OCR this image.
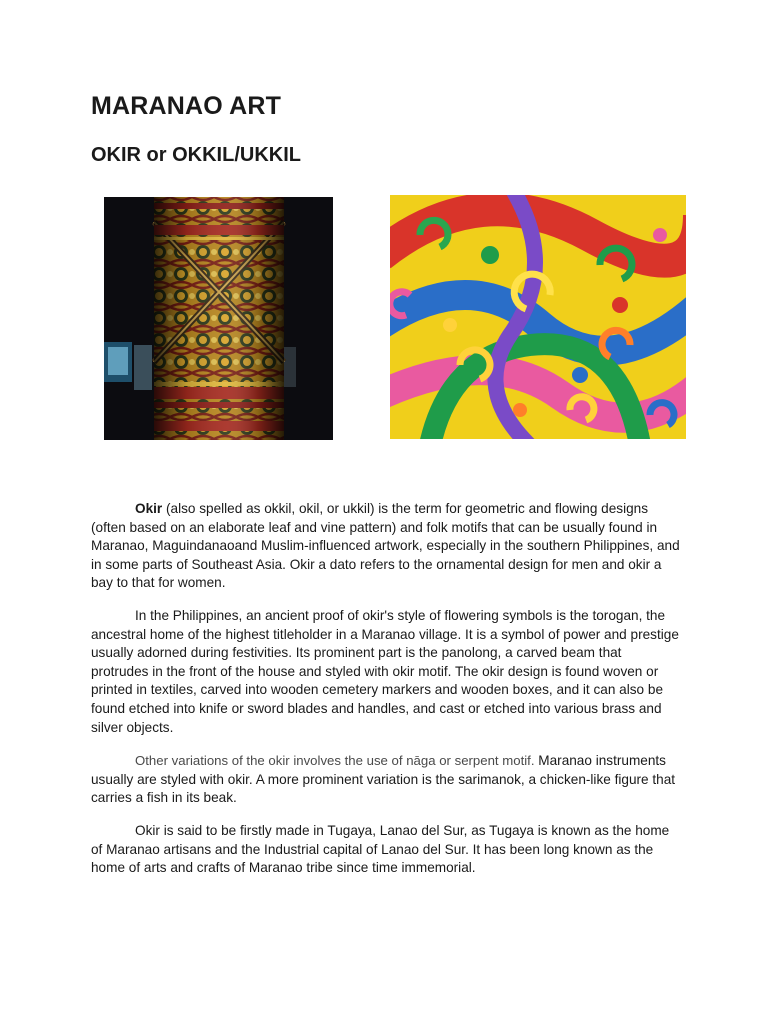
MARANAO ART
OKIR or OKKIL/UKKIL

Okir (also spelled as okkil, okil, or ukkil) is the term for geometric and flowing designs (often based on an elaborate leaf and vine pattern) and folk motifs that can be usually found in Maranao, Maguindanaoand Muslim-influenced artwork, especially in the southern Philippines, and in some parts of Southeast Asia. Okir a dato refers to the ornamental design for men and okir a bay to that for women.

In the Philippines, an ancient proof of okir's style of flowering symbols is the torogan, the ancestral home of the highest titleholder in a Maranao village. It is a symbol of power and prestige usually adorned during festivities. Its prominent part is the panolong, a carved beam that protrudes in the front of the house and styled with okir motif. The okir design is found woven or printed in textiles, carved into wooden cemetery markers and wooden boxes, and it can also be found etched into knife or sword blades and handles, and cast or etched into various brass and silver objects.

Other variations of the okir involves the use of nāga or serpent motif. Maranao instruments usually are styled with okir. A more prominent variation is the sarimanok, a chicken-like figure that carries a fish in its beak.

Okir is said to be firstly made in Tugaya, Lanao del Sur, as Tugaya is known as the home of Maranao artisans and the Industrial capital of Lanao del Sur. It has been long known as the home of arts and crafts of Maranao tribe since time immemorial.
